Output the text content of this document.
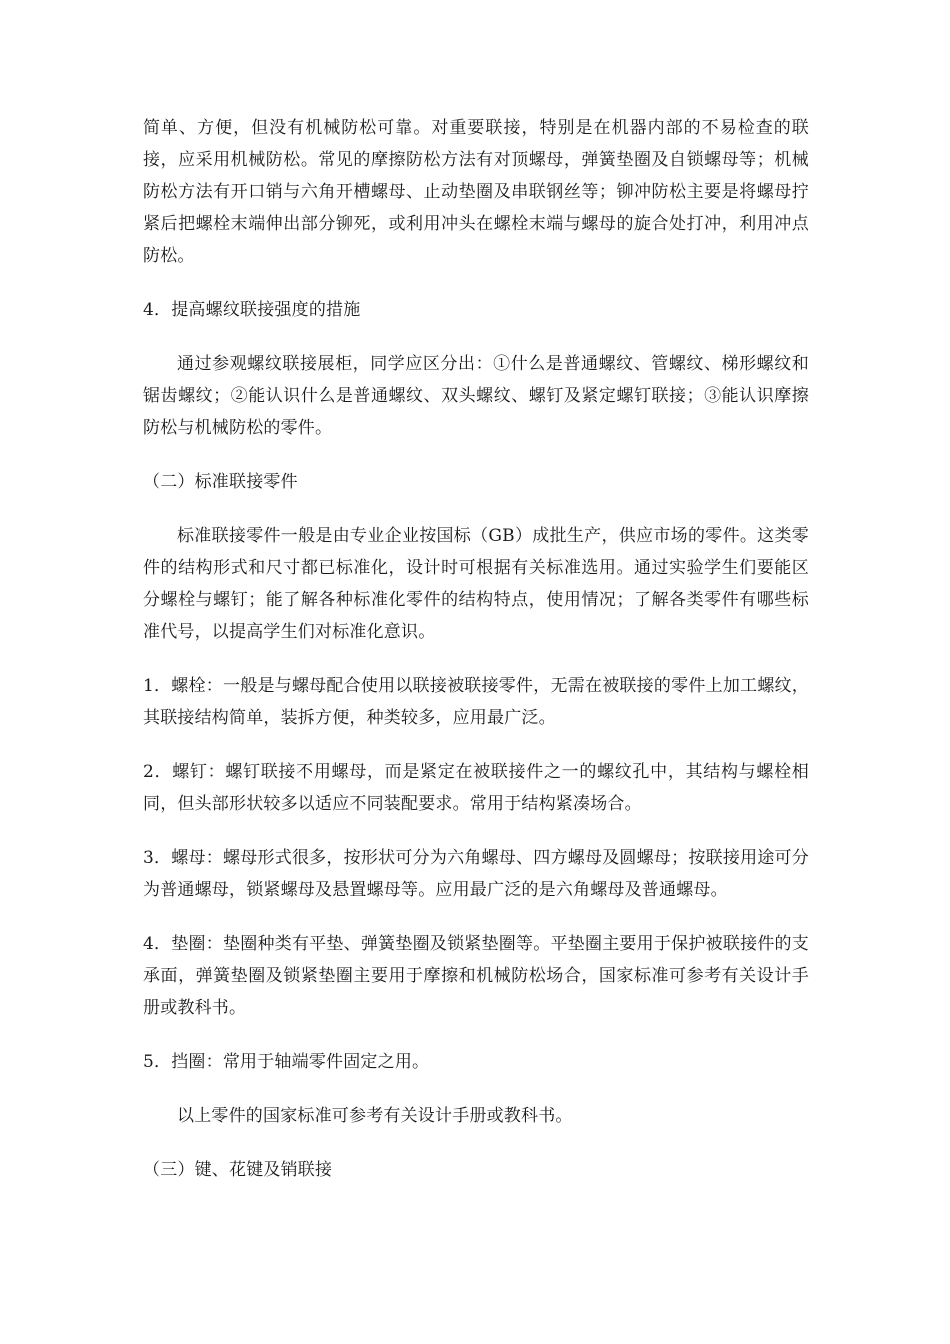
简单、方便，但没有机械防松可靠。对重要联接，特别是在机器内部的不易检查的联接，应采用机械防松。常见的摩擦防松方法有对顶螺母，弹簧垫圈及自锁螺母等；机械防松方法有开口销与六角开槽螺母、止动垫圈及串联钢丝等；铆冲防松主要是将螺母拧紧后把螺栓末端伸出部分铆死，或利用冲头在螺栓末端与螺母的旋合处打冲，利用冲点防松。

4．提高螺纹联接强度的措施

通过参观螺纹联接展柜，同学应区分出：①什么是普通螺纹、管螺纹、梯形螺纹和锯齿螺纹；②能认识什么是普通螺纹、双头螺纹、螺钉及紧定螺钉联接；③能认识摩擦防松与机械防松的零件。

（二）标准联接零件

标准联接零件一般是由专业企业按国标（GB）成批生产，供应市场的零件。这类零件的结构形式和尺寸都已标准化，设计时可根据有关标准选用。通过实验学生们要能区分螺栓与螺钉；能了解各种标准化零件的结构特点，使用情况；了解各类零件有哪些标准代号，以提高学生们对标准化意识。

1．螺栓：一般是与螺母配合使用以联接被联接零件，无需在被联接的零件上加工螺纹，其联接结构简单，装拆方便，种类较多，应用最广泛。

2．螺钉：螺钉联接不用螺母，而是紧定在被联接件之一的螺纹孔中，其结构与螺栓相同，但头部形状较多以适应不同装配要求。常用于结构紧凑场合。

3．螺母：螺母形式很多，按形状可分为六角螺母、四方螺母及圆螺母；按联接用途可分为普通螺母，锁紧螺母及悬置螺母等。应用最广泛的是六角螺母及普通螺母。

4．垫圈：垫圈种类有平垫、弹簧垫圈及锁紧垫圈等。平垫圈主要用于保护被联接件的支承面，弹簧垫圈及锁紧垫圈主要用于摩擦和机械防松场合，国家标准可参考有关设计手册或教科书。

5．挡圈：常用于轴端零件固定之用。

以上零件的国家标准可参考有关设计手册或教科书。

（三）键、花键及销联接
